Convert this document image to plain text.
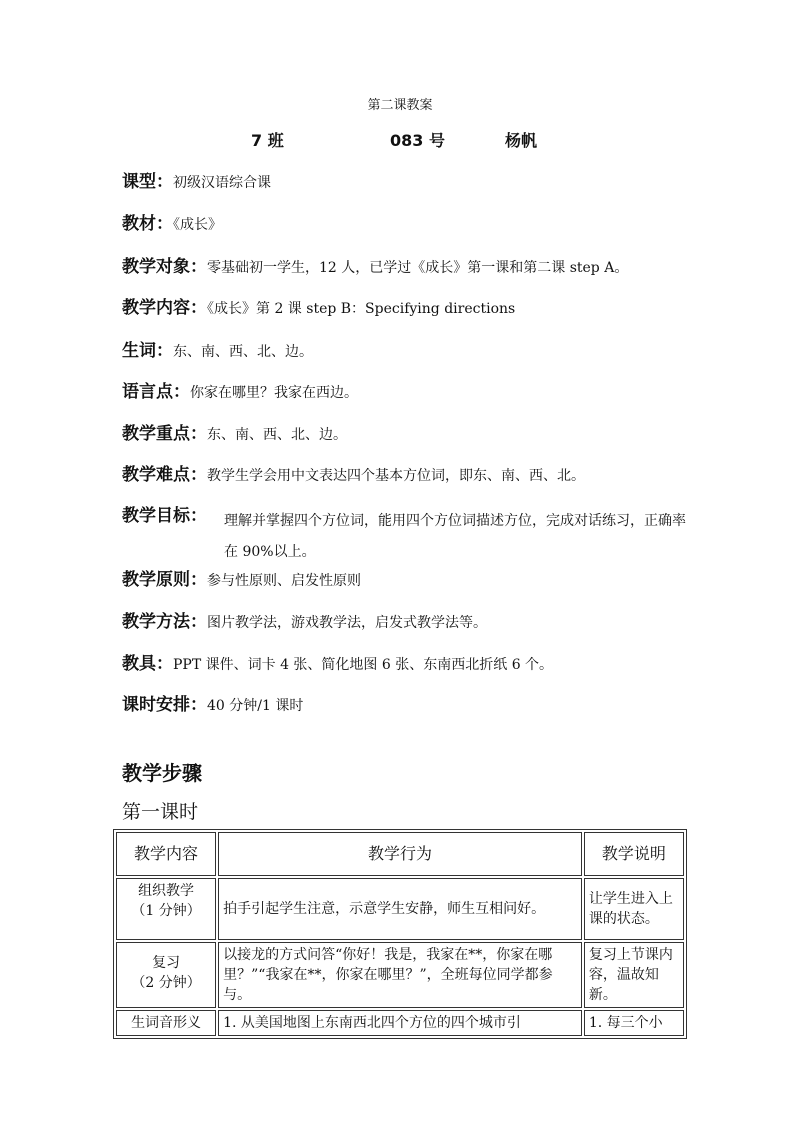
第二课教案
7 班	083 号	杨帆
课型：初级汉语综合课
教材：《成长》
教学对象：零基础初一学生，12 人，已学过《成长》第一课和第二课 step A。
教学内容：《成长》第 2 课 step B：Specifying directions
生词：东、南、西、北、边。
语言点：你家在哪里？我家在西边。
教学重点：东、南、西、北、边。
教学难点：教学生学会用中文表达四个基本方位词，即东、南、西、北。
教学目标： 理解并掌握四个方位词，能用四个方位词描述方位，完成对话练习，正确率在 90%以上。
教学原则：参与性原则、启发性原则
教学方法：图片教学法，游戏教学法，启发式教学法等。
教具：PPT 课件、词卡 4 张、简化地图 6 张、东南西北折纸 6 个。
课时安排：40 分钟/1 课时
教学步骤
第一课时
教学内容	教学行为	教学说明

组织教学
（1 分钟）	拍手引起学生注意，示意学生安静，师生互相问好。	让学生进入上课的状态。

复习
（2 分钟）	以接龙的方式问答“你好！我是，我家在**，你家在哪里？”“我家在**，你家在哪里？”，全班每位同学都参与。	复习上节课内容，温故知新。
生词音形义	1. 从美国地图上东南西北四个方位的四个城市引	1. 每三个小
